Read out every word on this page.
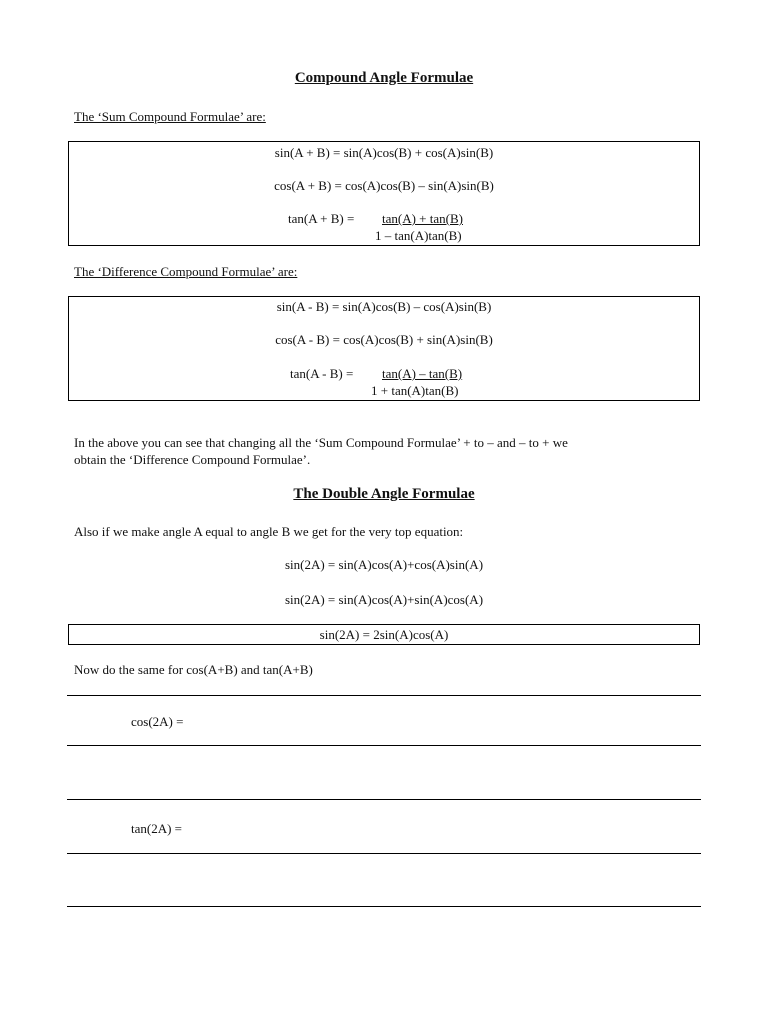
Compound Angle Formulae
The ‘Sum Compound Formulae’ are:
sin(A + B) = sin(A)cos(B) + cos(A)sin(B)
cos(A + B) = cos(A)cos(B) – sin(A)sin(B)
tan(A + B) = tan(A) + tan(B)
1 – tan(A)tan(B)
The ‘Difference Compound Formulae’ are:
sin(A - B) = sin(A)cos(B) – cos(A)sin(B)
cos(A - B) = cos(A)cos(B) + sin(A)sin(B)
tan(A - B) = tan(A) – tan(B)
1 + tan(A)tan(B)
In the above you can see that changing all the ‘Sum Compound Formulae’ + to – and – to + we
obtain the ‘Difference Compound Formulae’.
The Double Angle Formulae
Also if we make angle A equal to angle B we get for the very top equation:
sin(2A) = sin(A)cos(A)+cos(A)sin(A)
sin(2A) = sin(A)cos(A)+sin(A)cos(A)
sin(2A) = 2sin(A)cos(A)
Now do the same for cos(A+B) and tan(A+B)
cos(2A) =
tan(2A) =
